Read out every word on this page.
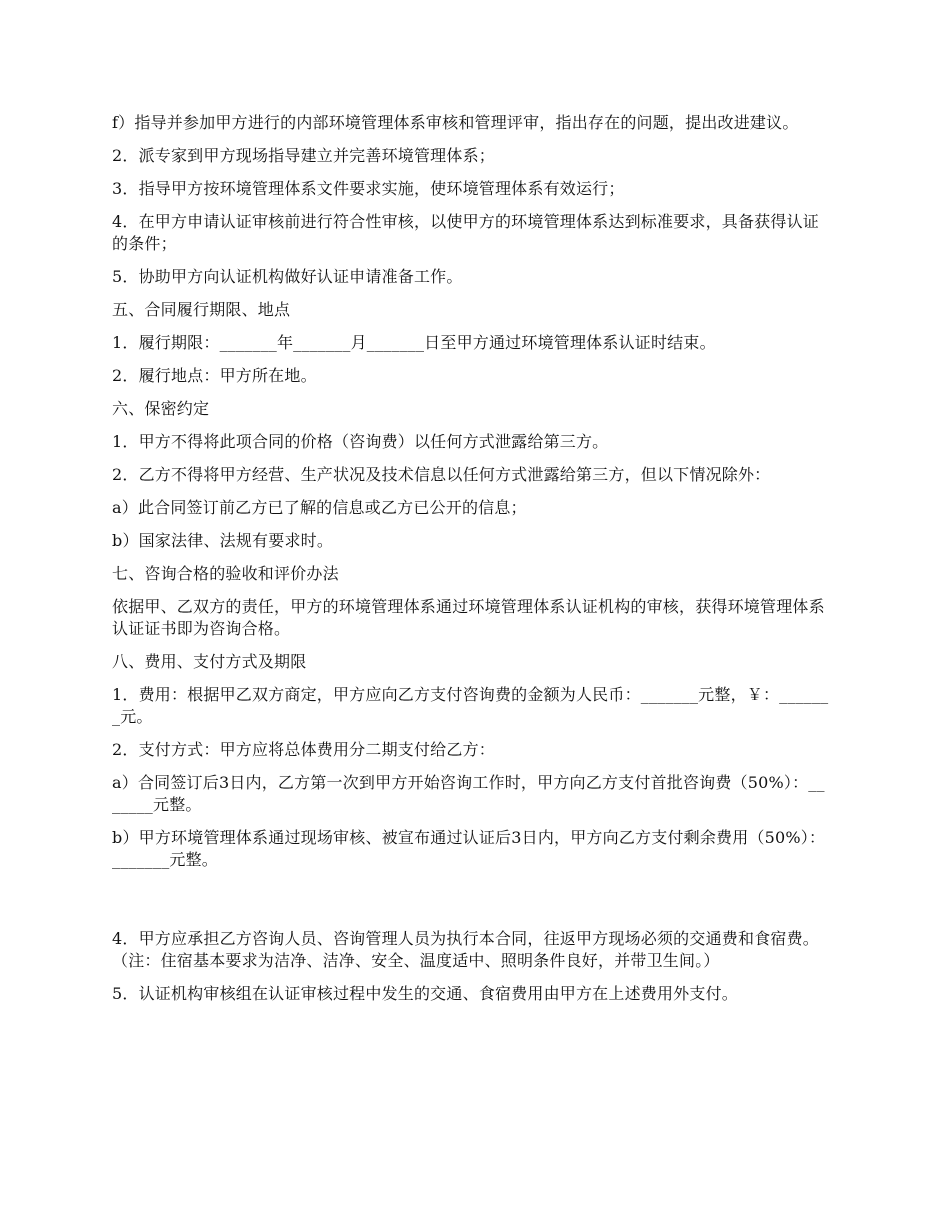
f）指导并参加甲方进行的内部环境管理体系审核和管理评审，指出存在的问题，提出改进建议。

2．派专家到甲方现场指导建立并完善环境管理体系；

3．指导甲方按环境管理体系文件要求实施，使环境管理体系有效运行；

4．在甲方申请认证审核前进行符合性审核，以使甲方的环境管理体系达到标准要求，具备获得认证的条件；

5．协助甲方向认证机构做好认证申请准备工作。

五、合同履行期限、地点

1．履行期限：_______年_______月_______日至甲方通过环境管理体系认证时结束。

2．履行地点：甲方所在地。

六、保密约定

1．甲方不得将此项合同的价格（咨询费）以任何方式泄露给第三方。

2．乙方不得将甲方经营、生产状况及技术信息以任何方式泄露给第三方，但以下情况除外：

a）此合同签订前乙方已了解的信息或乙方已公开的信息；

b）国家法律、法规有要求时。

七、咨询合格的验收和评价办法

依据甲、乙双方的责任，甲方的环境管理体系通过环境管理体系认证机构的审核，获得环境管理体系认证证书即为咨询合格。

八、费用、支付方式及期限

1．费用：根据甲乙双方商定，甲方应向乙方支付咨询费的金额为人民币：_______元整，￥：_______元。

2．支付方式：甲方应将总体费用分二期支付给乙方：

a）合同签订后3日内，乙方第一次到甲方开始咨询工作时，甲方向乙方支付首批咨询费（50%）：_______元整。

b）甲方环境管理体系通过现场审核、被宣布通过认证后3日内，甲方向乙方支付剩余费用（50%）：_______元整。

4．甲方应承担乙方咨询人员、咨询管理人员为执行本合同，往返甲方现场必须的交通费和食宿费。（注：住宿基本要求为洁净、洁净、安全、温度适中、照明条件良好，并带卫生间。）

5．认证机构审核组在认证审核过程中发生的交通、食宿费用由甲方在上述费用外支付。
